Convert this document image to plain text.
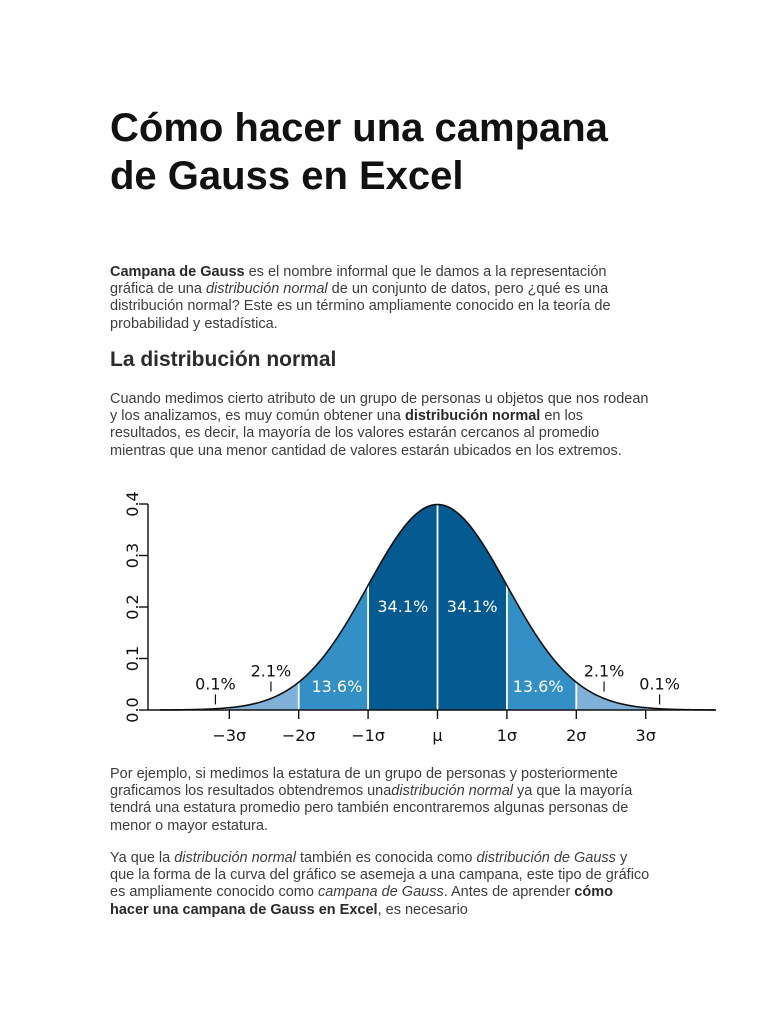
Cómo hacer una campana de Gauss en Excel

Campana de Gauss es el nombre informal que le damos a la representación gráfica de una distribución normal de un conjunto de datos, pero ¿qué es una distribución normal? Este es un término ampliamente conocido en la teoría de probabilidad y estadística.

La distribución normal

Cuando medimos cierto atributo de un grupo de personas u objetos que nos rodean y los analizamos, es muy común obtener una distribución normal en los resultados, es decir, la mayoría de los valores estarán cercanos al promedio mientras que una menor cantidad de valores estarán ubicados en los extremos.

Por ejemplo, si medimos la estatura de un grupo de personas y posteriormente graficamos los resultados obtendremos unadistribución normal ya que la mayoría tendrá una estatura promedio pero también encontraremos algunas personas de menor o mayor estatura.

Ya que la distribución normal también es conocida como distribución de Gauss y que la forma de la curva del gráfico se asemeja a una campana, este tipo de gráfico es ampliamente conocido como campana de Gauss. Antes de aprender cómo hacer una campana de Gauss en Excel, es necesario

0.0
0.1
0.2
0.3
0.4
−3σ −2σ −1σ	μ	1σ	2σ	3σ
34.1% 34.1%
13.6%	13.6%
2.1%	2.1%
0.1%	0.1%
